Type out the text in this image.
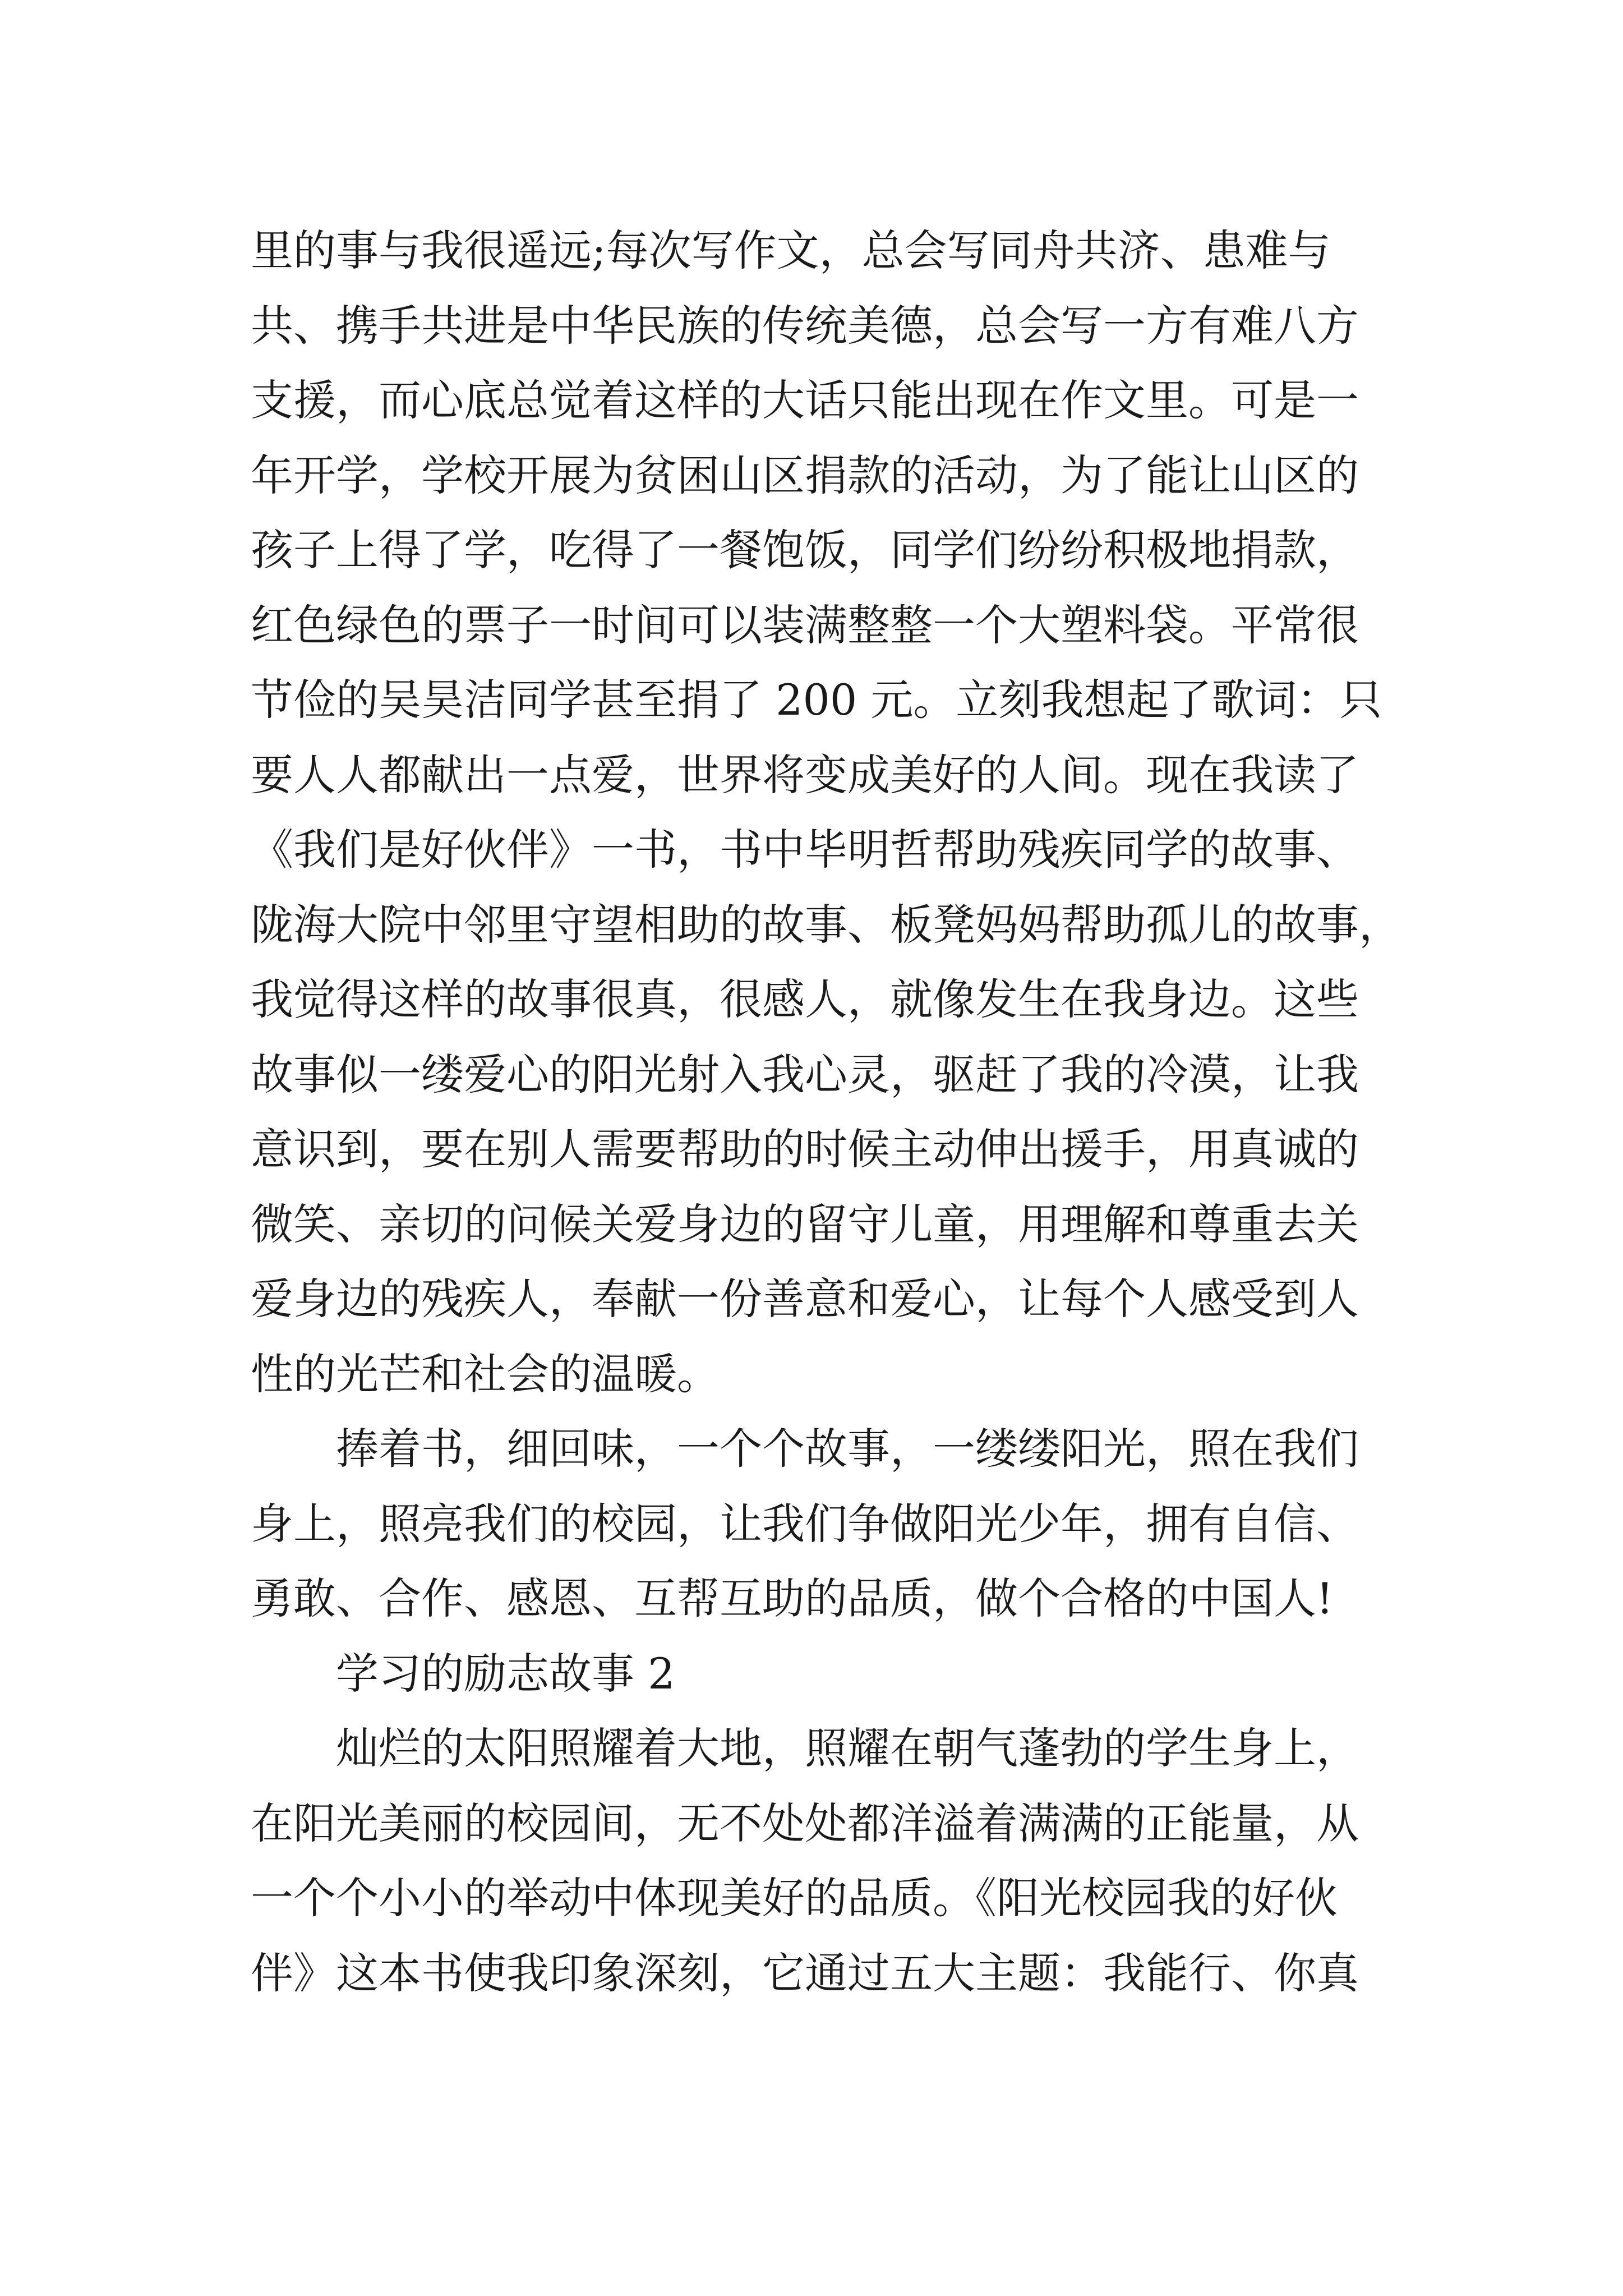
里的事与我很遥远;每次写作文，总会写同舟共济、患难与
共、携手共进是中华民族的传统美德，总会写一方有难八方
支援，而心底总觉着这样的大话只能出现在作文里。可是一
年开学，学校开展为贫困山区捐款的活动，为了能让山区的
孩子上得了学，吃得了一餐饱饭，同学们纷纷积极地捐款，
红色绿色的票子一时间可以装满整整一个大塑料袋。平常很
节俭的吴昊洁同学甚至捐了 200 元。立刻我想起了歌词：只
要人人都献出一点爱，世界将变成美好的人间。现在我读了
《我们是好伙伴》一书，书中毕明哲帮助残疾同学的故事、
陇海大院中邻里守望相助的故事、板凳妈妈帮助孤儿的故事，
我觉得这样的故事很真，很感人，就像发生在我身边。这些
故事似一缕爱心的阳光射入我心灵，驱赶了我的冷漠，让我
意识到，要在别人需要帮助的时候主动伸出援手，用真诚的
微笑、亲切的问候关爱身边的留守儿童，用理解和尊重去关
爱身边的残疾人，奉献一份善意和爱心，让每个人感受到人
性的光芒和社会的温暖。
捧着书，细回味，一个个故事，一缕缕阳光，照在我们
身上，照亮我们的校园，让我们争做阳光少年，拥有自信、
勇敢、合作、感恩、互帮互助的品质，做个合格的中国人!
学习的励志故事 2
灿烂的太阳照耀着大地，照耀在朝气蓬勃的学生身上，
在阳光美丽的校园间，无不处处都洋溢着满满的正能量，从
一个个小小的举动中体现美好的品质。《阳光校园我的好伙
伴》这本书使我印象深刻，它通过五大主题：我能行、你真
